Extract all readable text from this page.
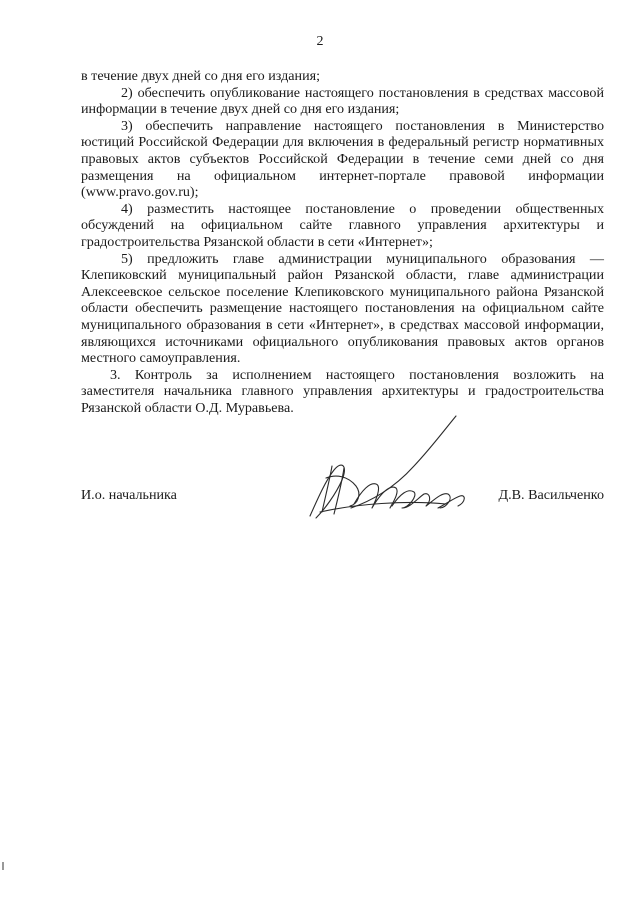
2

в течение двух дней со дня его издания;

2) обеспечить опубликование настоящего постановления в средствах массовой информации в течение двух дней со дня его издания;

3) обеспечить направление настоящего постановления в Министерство юстиций Российской Федерации для включения в федеральный регистр нормативных правовых актов субъектов Российской Федерации в течение семи дней со дня размещения на официальном интернет-портале правовой информации (www.pravo.gov.ru);

4) разместить настоящее постановление о проведении общественных обсуждений на официальном сайте главного управления архитектуры и градостроительства Рязанской области в сети «Интернет»;

5) предложить главе администрации муниципального образования — Клепиковский муниципальный район Рязанской области, главе администрации Алексеевское сельское поселение Клепиковского муниципального района Рязанской области обеспечить размещение настоящего постановления на официальном сайте муниципального образования в сети «Интернет», в средствах массовой информации, являющихся источниками официального опубликования правовых актов органов местного самоуправления.

3. Контроль за исполнением настоящего постановления возложить на заместителя начальника главного управления архитектуры и градостроительства Рязанской области О.Д. Муравьева.

И.о. начальника	Д.В. Васильченко
